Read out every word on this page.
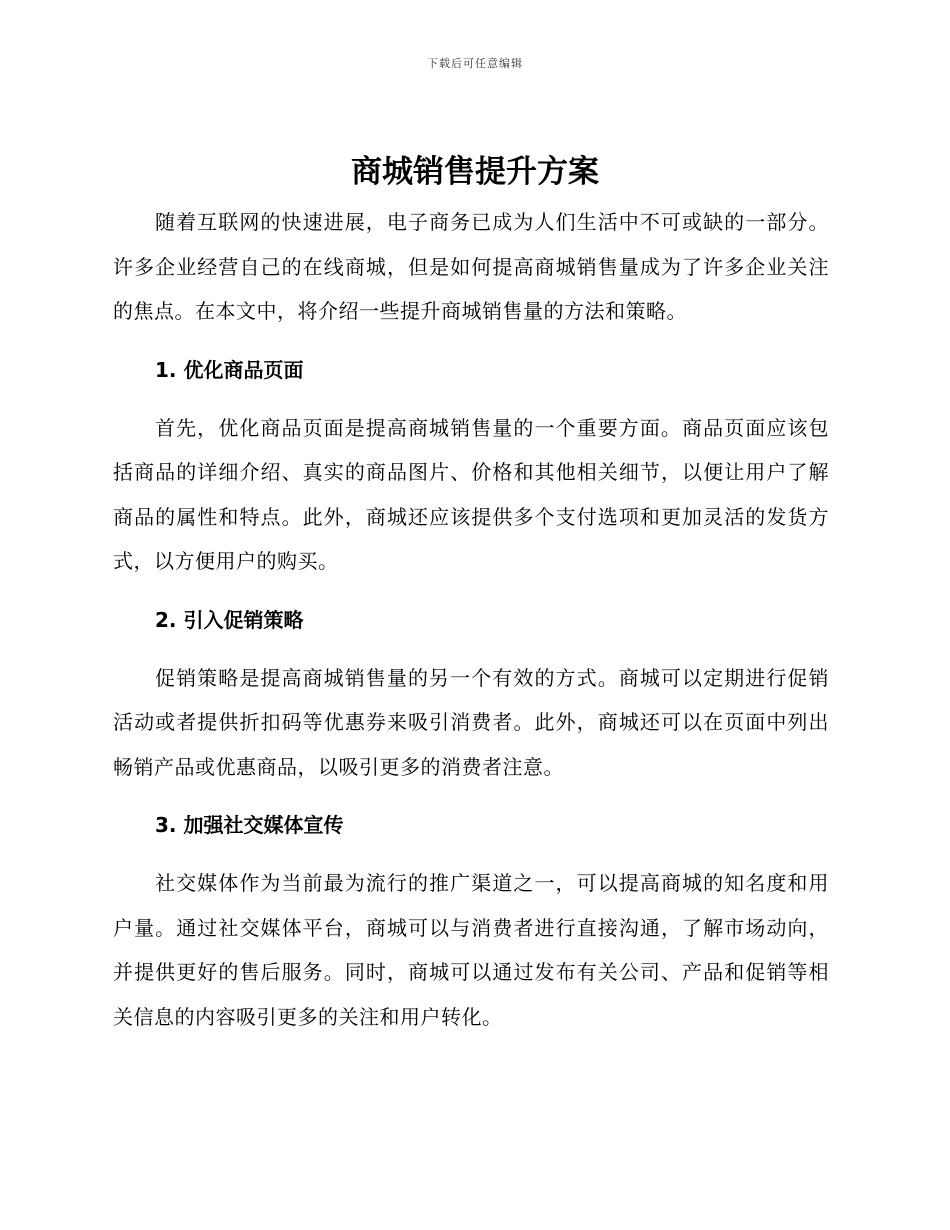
下载后可任意编辑
商城销售提升方案

随着互联网的快速进展，电子商务已成为人们生活中不可或缺的一部分。许多企业经营自己的在线商城，但是如何提高商城销售量成为了许多企业关注的焦点。在本文中，将介绍一些提升商城销售量的方法和策略。

1. 优化商品页面

首先，优化商品页面是提高商城销售量的一个重要方面。商品页面应该包括商品的详细介绍、真实的商品图片、价格和其他相关细节，以便让用户了解商品的属性和特点。此外，商城还应该提供多个支付选项和更加灵活的发货方式，以方便用户的购买。

2. 引入促销策略

促销策略是提高商城销售量的另一个有效的方式。商城可以定期进行促销活动或者提供折扣码等优惠券来吸引消费者。此外，商城还可以在页面中列出畅销产品或优惠商品，以吸引更多的消费者注意。

3. 加强社交媒体宣传

社交媒体作为当前最为流行的推广渠道之一，可以提高商城的知名度和用户量。通过社交媒体平台，商城可以与消费者进行直接沟通，了解市场动向，并提供更好的售后服务。同时，商城可以通过发布有关公司、产品和促销等相关信息的内容吸引更多的关注和用户转化。
